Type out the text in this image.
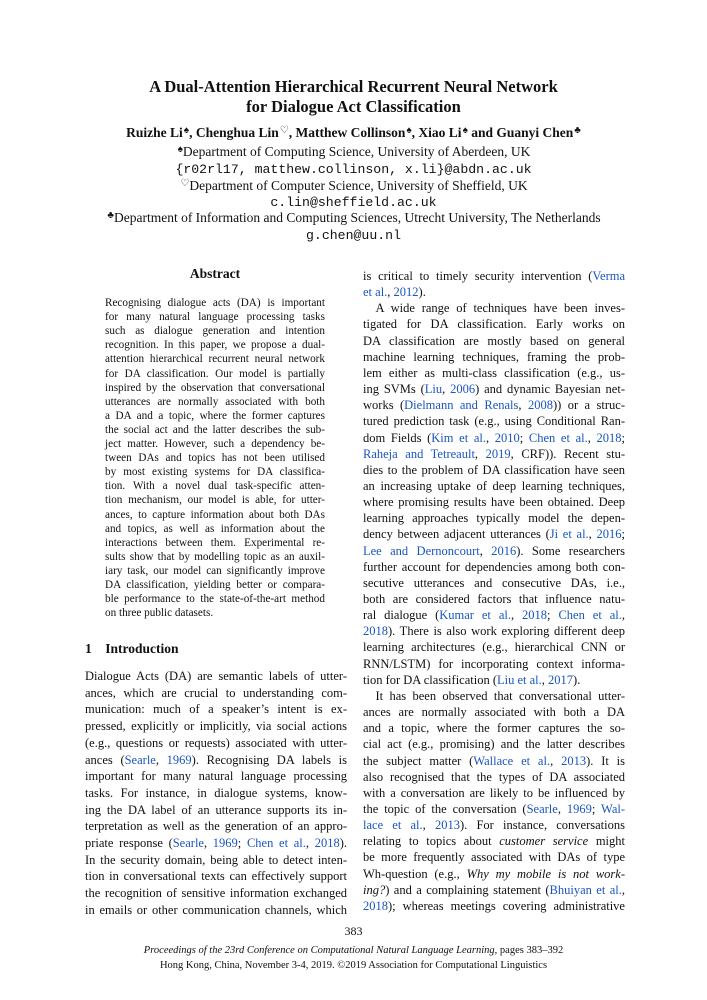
A Dual-Attention Hierarchical Recurrent Neural Network
for Dialogue Act Classification
Ruizhe Li♠, Chenghua Lin♡, Matthew Collinson♠, Xiao Li♠ and Guanyi Chen♣
♠Department of Computing Science, University of Aberdeen, UK
{r02rl17, matthew.collinson, x.li}@abdn.ac.uk
♡Department of Computer Science, University of Sheffield, UK
c.lin@sheffield.ac.uk
♣Department of Information and Computing Sciences, Utrecht University, The Netherlands
g.chen@uu.nl
Abstract
Recognising dialogue acts (DA) is important
for many natural language processing tasks
such as dialogue generation and intention
recognition. In this paper, we propose a dual-
attention hierarchical recurrent neural network
for DA classification. Our model is partially
inspired by the observation that conversational
utterances are normally associated with both
a DA and a topic, where the former captures
the social act and the latter describes the sub-
ject matter. However, such a dependency be-
tween DAs and topics has not been utilised
by most existing systems for DA classifica-
tion. With a novel dual task-specific atten-
tion mechanism, our model is able, for utter-
ances, to capture information about both DAs
and topics, as well as information about the
interactions between them. Experimental re-
sults show that by modelling topic as an auxil-
iary task, our model can significantly improve
DA classification, yielding better or compara-
ble performance to the state-of-the-art method
on three public datasets.
1 Introduction
Dialogue Acts (DA) are semantic labels of utter-
ances, which are crucial to understanding com-
munication: much of a speaker’s intent is ex-
pressed, explicitly or implicitly, via social actions
(e.g., questions or requests) associated with utter-
ances (Searle, 1969). Recognising DA labels is
important for many natural language processing
tasks. For instance, in dialogue systems, know-
ing the DA label of an utterance supports its in-
terpretation as well as the generation of an appro-
priate response (Searle, 1969; Chen et al., 2018).
In the security domain, being able to detect inten-
tion in conversational texts can effectively support
the recognition of sensitive information exchanged
in emails or other communication channels, which
is critical to timely security intervention (Verma
et al., 2012).
 A wide range of techniques have been inves-
tigated for DA classification. Early works on
DA classification are mostly based on general
machine learning techniques, framing the prob-
lem either as multi-class classification (e.g., us-
ing SVMs (Liu, 2006) and dynamic Bayesian net-
works (Dielmann and Renals, 2008)) or a struc-
tured prediction task (e.g., using Conditional Ran-
dom Fields (Kim et al., 2010; Chen et al., 2018;
Raheja and Tetreault, 2019, CRF)). Recent stu-
dies to the problem of DA classification have seen
an increasing uptake of deep learning techniques,
where promising results have been obtained. Deep
learning approaches typically model the depen-
dency between adjacent utterances (Ji et al., 2016;
Lee and Dernoncourt, 2016). Some researchers
further account for dependencies among both con-
secutive utterances and consecutive DAs, i.e.,
both are considered factors that influence natu-
ral dialogue (Kumar et al., 2018; Chen et al.,
2018). There is also work exploring different deep
learning architectures (e.g., hierarchical CNN or
RNN/LSTM) for incorporating context informa-
tion for DA classification (Liu et al., 2017).
 It has been observed that conversational utter-
ances are normally associated with both a DA
and a topic, where the former captures the so-
cial act (e.g., promising) and the latter describes
the subject matter (Wallace et al., 2013). It is
also recognised that the types of DA associated
with a conversation are likely to be influenced by
the topic of the conversation (Searle, 1969; Wal-
lace et al., 2013). For instance, conversations
relating to topics about customer service might
be more frequently associated with DAs of type
Wh-question (e.g., Why my mobile is not work-
ing?) and a complaining statement (Bhuiyan et al.,
2018); whereas meetings covering administrative
383
Proceedings of the 23rd Conference on Computational Natural Language Learning, pages 383–392
Hong Kong, China, November 3-4, 2019. ©2019 Association for Computational Linguistics
